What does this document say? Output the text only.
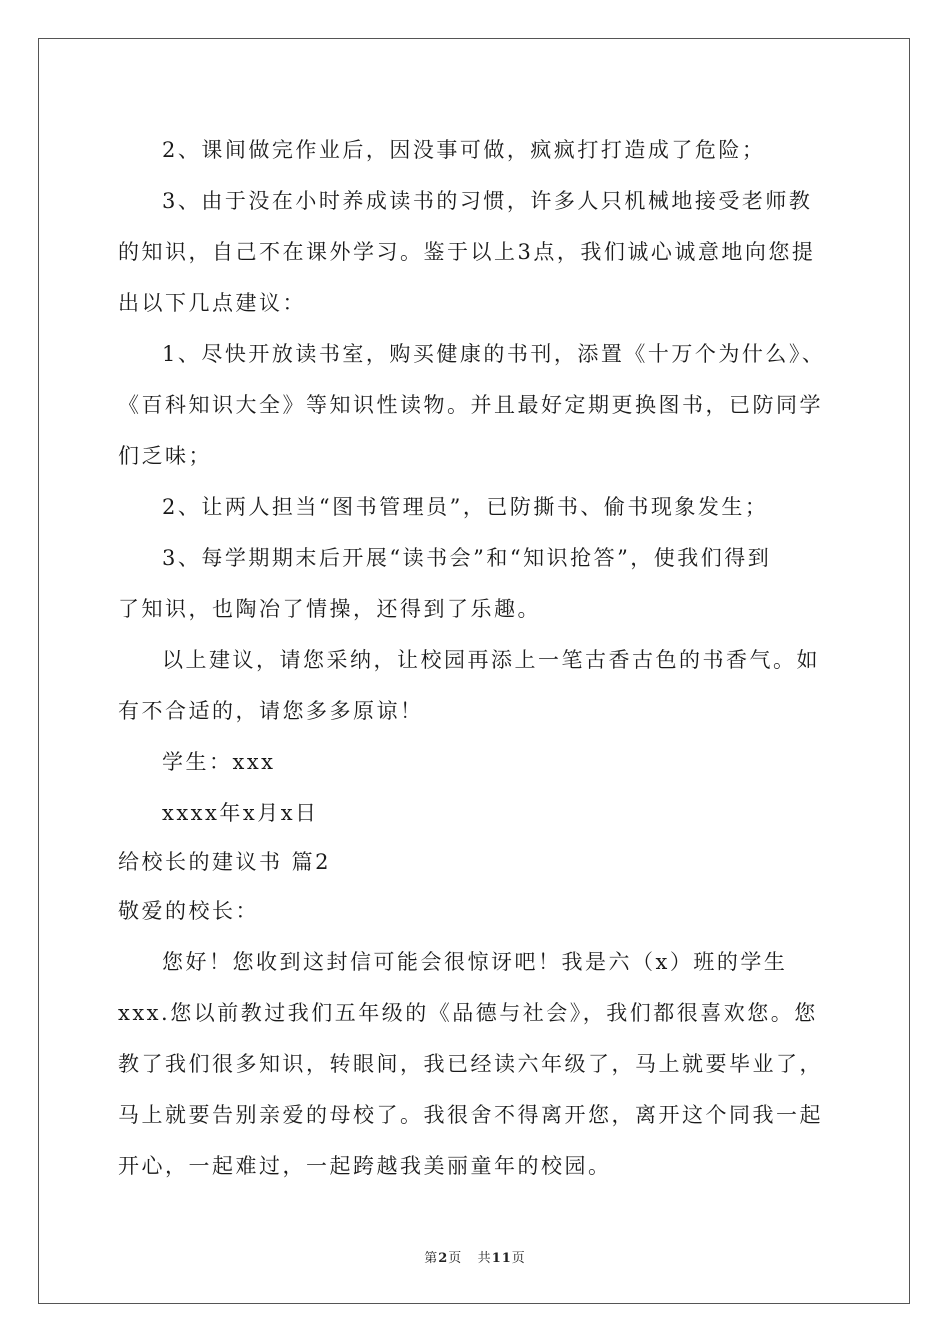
2、课间做完作业后，因没事可做，疯疯打打造成了危险；
3、由于没在小时养成读书的习惯，许多人只机械地接受老师教
的知识，自己不在课外学习。鉴于以上3点，我们诚心诚意地向您提
出以下几点建议：
1、尽快开放读书室，购买健康的书刊，添置《十万个为什么》、
《百科知识大全》等知识性读物。并且最好定期更换图书，已防同学
们乏味；
2、让两人担当“图书管理员”，已防撕书、偷书现象发生；
3、每学期期末后开展“读书会”和“知识抢答”，使我们得到
了知识，也陶冶了情操，还得到了乐趣。
以上建议，请您采纳，让校园再添上一笔古香古色的书香气。如
有不合适的，请您多多原谅！
学生：xxx
xxxx年x月x日
给校长的建议书 篇2
敬爱的校长：
您好！您收到这封信可能会很惊讶吧！我是六（x）班的学生
xxx.您以前教过我们五年级的《品德与社会》，我们都很喜欢您。您
教了我们很多知识，转眼间，我已经读六年级了，马上就要毕业了，
马上就要告别亲爱的母校了。我很舍不得离开您，离开这个同我一起
开心，一起难过，一起跨越我美丽童年的校园。
第2页 共11页
